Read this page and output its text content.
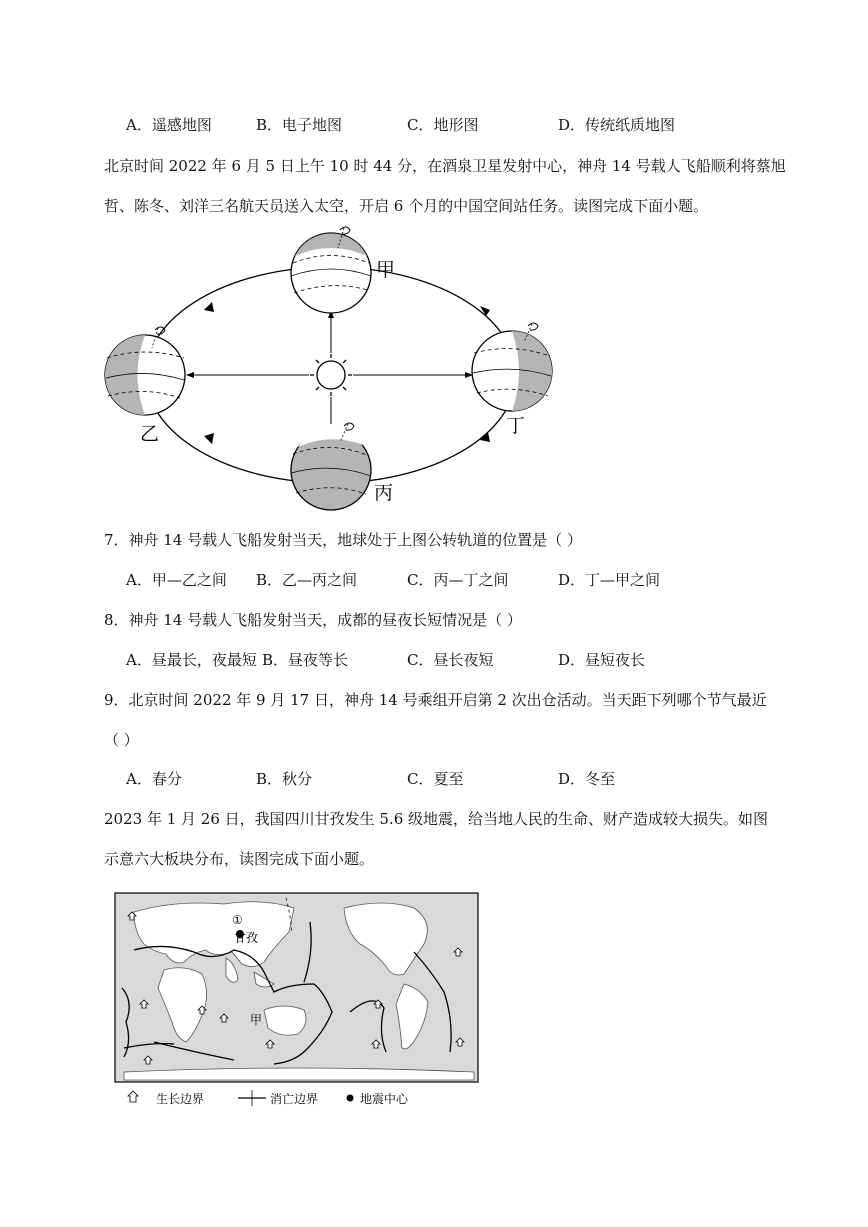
A．遥感地图	B．电子地图	C．地形图	D．传统纸质地图
北京时间 2022 年 6 月 5 日上午 10 时 44 分，在酒泉卫星发射中心，神舟 14 号载人飞船顺利将蔡旭
哲、陈冬、刘洋三名航天员送入太空，开启 6 个月的中国空间站任务。读图完成下面小题。
甲
乙	丁
丙
7．神舟 14 号载人飞船发射当天，地球处于上图公转轨道的位置是（ ）
A．甲—乙之间 B．乙—丙之间	C．丙—丁之间	D．丁—甲之间
8．神舟 14 号载人飞船发射当天，成都的昼夜长短情况是（ ）
A．昼最长，夜最短 B．昼夜等长	C．昼长夜短	D．昼短夜长
9．北京时间 2022 年 9 月 17 日，神舟 14 号乘组开启第 2 次出仓活动。当天距下列哪个节气最近
（ ）
A．春分	B．秋分	C．夏至	D．冬至
2023 年 1 月 26 日，我国四川甘孜发生 5.6 级地震，给当地人民的生命、财产造成较大损失。如图
示意六大板块分布，读图完成下面小题。
①
甘孜
甲
生长边界	消亡边界	地震中心
